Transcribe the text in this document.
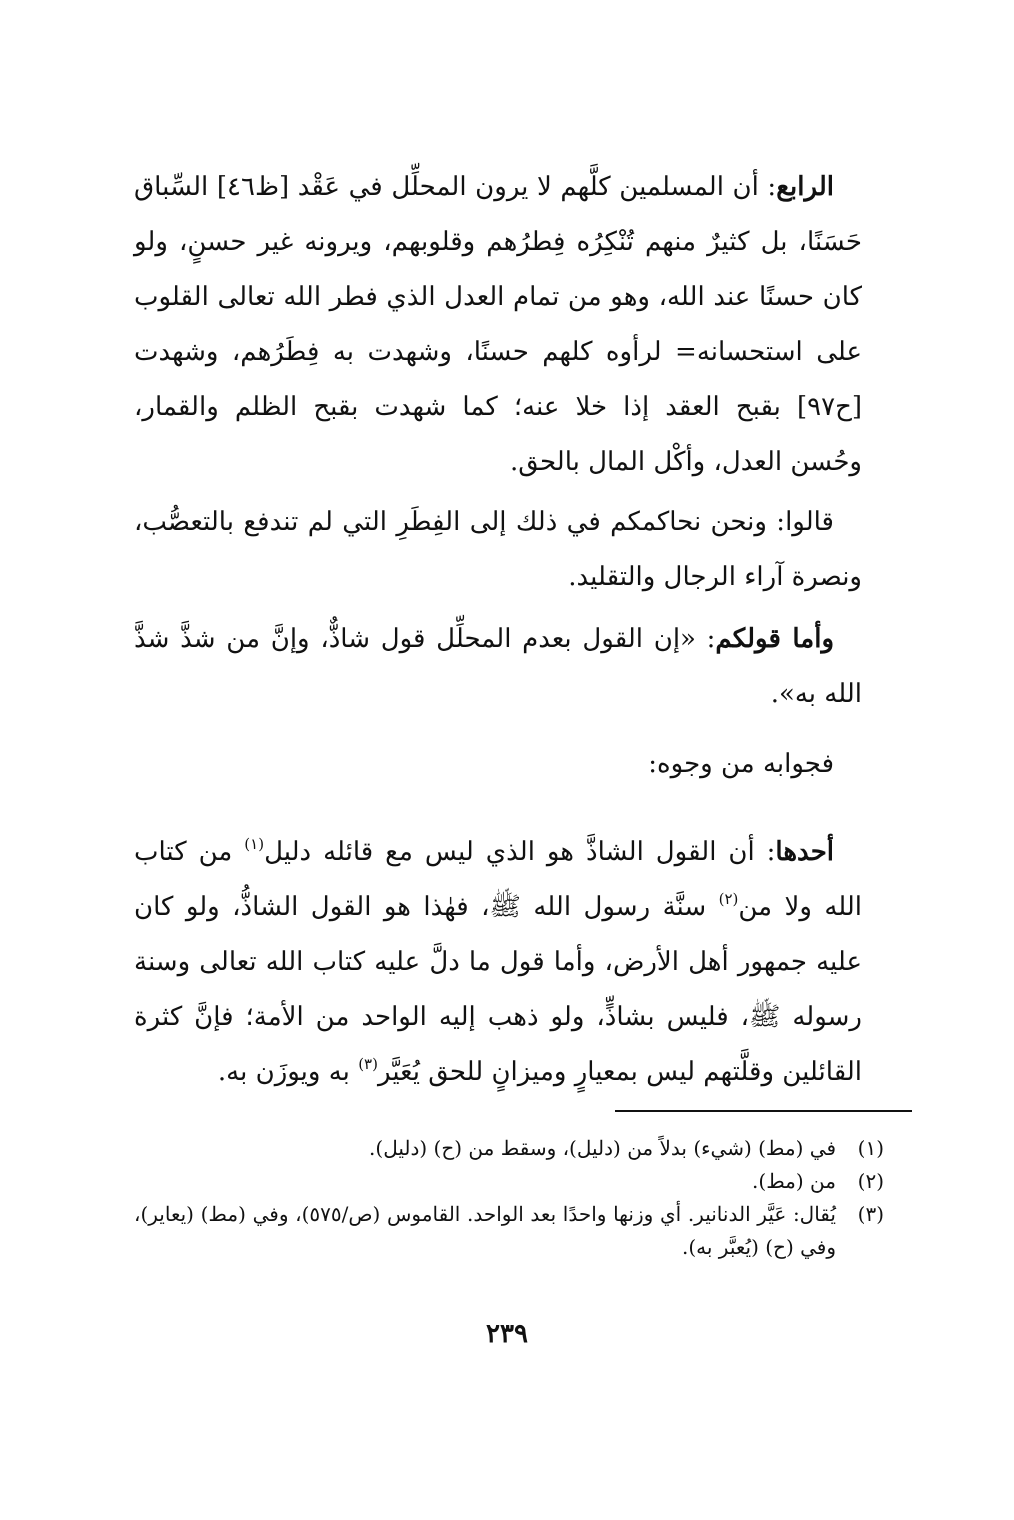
الرابع: أن المسلمين كلَّهم لا يرون المحلِّل في عَقْد [ظ٤٦] السِّباق حَسَنًا، بل كثيرٌ منهم تُنْكِرُه فِطرُهم وقلوبهم، ويرونه غير حسنٍ، ولو كان حسنًا عند الله، وهو من تمام العدل الذي فطر الله تعالى القلوب على استحسانه= لرأوه كلهم حسنًا، وشهدت به فِطَرُهم، وشهدت [ح٩٧] بقبح العقد إذا خلا عنه؛ كما شهدت بقبح الظلم والقمار، وحُسن العدل، وأكْل المال بالحق.

قالوا: ونحن نحاكمكم في ذلك إلى الفِطَرِ التي لم تندفع بالتعصُّب، ونصرة آراء الرجال والتقليد.

وأما قولكم: «إن القول بعدم المحلِّل قول شاذٌّ، وإنَّ من شذَّ شذَّ الله به».

فجوابه من وجوه:

أحدها: أن القول الشاذَّ هو الذي ليس مع قائله دليل$^{(١)}$ من كتاب الله ولا من$^{(٢)}$ سنَّة رسول الله ﷺ، فهٰذا هو القول الشاذُّ، ولو كان عليه جمهور أهل الأرض، وأما قول ما دلَّ عليه كتاب الله تعالى وسنة رسوله ﷺ، فليس بشاذٍّ، ولو ذهب إليه الواحد من الأمة؛ فإنَّ كثرة القائلين وقلَّتهم ليس بمعيارٍ وميزانٍ للحق يُعَيَّر$^{(٣)}$ به ويوزَن به.

(١)
في (مط) (شيء) بدلاً من (دليل)، وسقط من (ح) (دليل).
(٢)
من (مط).
(٣)
يُقال: عَيَّر الدنانير. أي وزنها واحدًا بعد الواحد. القاموس (ص/٥٧٥)، وفي (مط) (يعاير)، وفي (ح) (يُعبَّر به).
٢٣٩
